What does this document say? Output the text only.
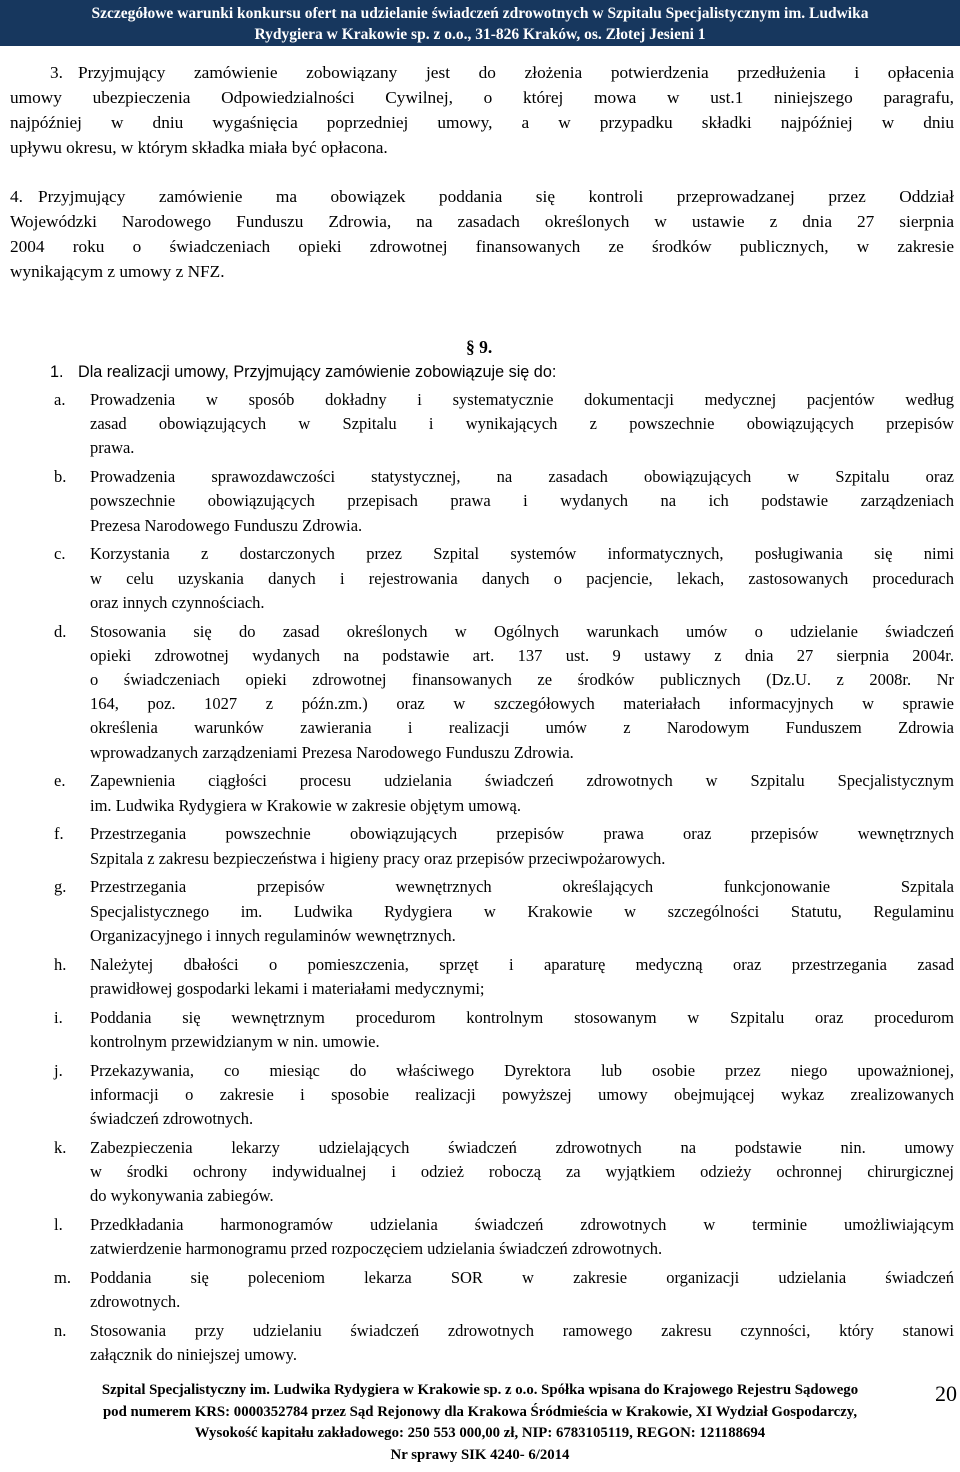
Szczegółowe warunki konkursu ofert na udzielanie świadczeń zdrowotnych w Szpitalu Specjalistycznym im. Ludwika
Rydygiera w Krakowie sp. z o.o., 31-826 Kraków, os. Złotej Jesieni 1
3. Przyjmujący zamówienie zobowiązany jest do złożenia potwierdzenia przedłużenia i opłacenia
umowy ubezpieczenia Odpowiedzialności Cywilnej, o której mowa w ust.1 niniejszego paragrafu,
najpóźniej w dniu wygaśnięcia poprzedniej umowy, a w przypadku składki najpóźniej w dniu
upływu okresu, w którym składka miała być opłacona.
4. Przyjmujący zamówienie ma obowiązek poddania się kontroli przeprowadzanej przez Oddział
Wojewódzki Narodowego Funduszu Zdrowia, na zasadach określonych w ustawie z dnia 27 sierpnia
2004 roku o świadczeniach opieki zdrowotnej finansowanych ze środków publicznych, w zakresie
wynikającym z umowy z NFZ.
§ 9.
1. Dla realizacji umowy, Przyjmujący zamówienie zobowiązuje się do:
a. Prowadzenia w sposób dokładny i systematycznie dokumentacji medycznej pacjentów według
zasad obowiązujących w Szpitalu i wynikających z powszechnie obowiązujących przepisów
prawa.
b. Prowadzenia sprawozdawczości statystycznej, na zasadach obowiązujących w Szpitalu oraz
powszechnie obowiązujących przepisach prawa i wydanych na ich podstawie zarządzeniach
Prezesa Narodowego Funduszu Zdrowia.
c. Korzystania z dostarczonych przez Szpital systemów informatycznych, posługiwania się nimi
w celu uzyskania danych i rejestrowania danych o pacjencie, lekach, zastosowanych procedurach
oraz innych czynnościach.
d. Stosowania się do zasad określonych w Ogólnych warunkach umów o udzielanie świadczeń
opieki zdrowotnej wydanych na podstawie art. 137 ust. 9 ustawy z dnia 27 sierpnia 2004r.
o świadczeniach opieki zdrowotnej finansowanych ze środków publicznych (Dz.U. z 2008r. Nr
164, poz. 1027 z późn.zm.) oraz w szczegółowych materiałach informacyjnych w sprawie
określenia warunków zawierania i realizacji umów z Narodowym Funduszem Zdrowia
wprowadzanych zarządzeniami Prezesa Narodowego Funduszu Zdrowia.
e. Zapewnienia ciągłości procesu udzielania świadczeń zdrowotnych w Szpitalu Specjalistycznym
im. Ludwika Rydygiera w Krakowie w zakresie objętym umową.
f. Przestrzegania powszechnie obowiązujących przepisów prawa oraz przepisów wewnętrznych
Szpitala z zakresu bezpieczeństwa i higieny pracy oraz przepisów przeciwpożarowych.
g. Przestrzegania przepisów wewnętrznych określających funkcjonowanie Szpitala
Specjalistycznego im. Ludwika Rydygiera w Krakowie w szczególności Statutu, Regulaminu
Organizacyjnego i innych regulaminów wewnętrznych.
h. Należytej dbałości o pomieszczenia, sprzęt i aparaturę medyczną oraz przestrzegania zasad
prawidłowej gospodarki lekami i materiałami medycznymi;
i. Poddania się wewnętrznym procedurom kontrolnym stosowanym w Szpitalu oraz procedurom
kontrolnym przewidzianym w nin. umowie.
j. Przekazywania, co miesiąc do właściwego Dyrektora lub osobie przez niego upoważnionej,
informacji o zakresie i sposobie realizacji powyższej umowy obejmującej wykaz zrealizowanych
świadczeń zdrowotnych.
k. Zabezpieczenia lekarzy udzielających świadczeń zdrowotnych na podstawie nin. umowy
w środki ochrony indywidualnej i odzież roboczą za wyjątkiem odzieży ochronnej chirurgicznej
do wykonywania zabiegów.
l. Przedkładania harmonogramów udzielania świadczeń zdrowotnych w terminie umożliwiającym
zatwierdzenie harmonogramu przed rozpoczęciem udzielania świadczeń zdrowotnych.
m. Poddania się poleceniom lekarza SOR w zakresie organizacji udzielania świadczeń
zdrowotnych.
n. Stosowania przy udzielaniu świadczeń zdrowotnych ramowego zakresu czynności, który stanowi
załącznik do niniejszej umowy.
Szpital Specjalistyczny im. Ludwika Rydygiera w Krakowie sp. z o.o. Spółka wpisana do Krajowego Rejestru Sądowego
pod numerem KRS: 0000352784 przez Sąd Rejonowy dla Krakowa Śródmieścia w Krakowie, XI Wydział Gospodarczy,
Wysokość kapitału zakładowego: 250 553 000,00 zł, NIP: 6783105119, REGON: 121188694
Nr sprawy SIK 4240- 6/2014
20
